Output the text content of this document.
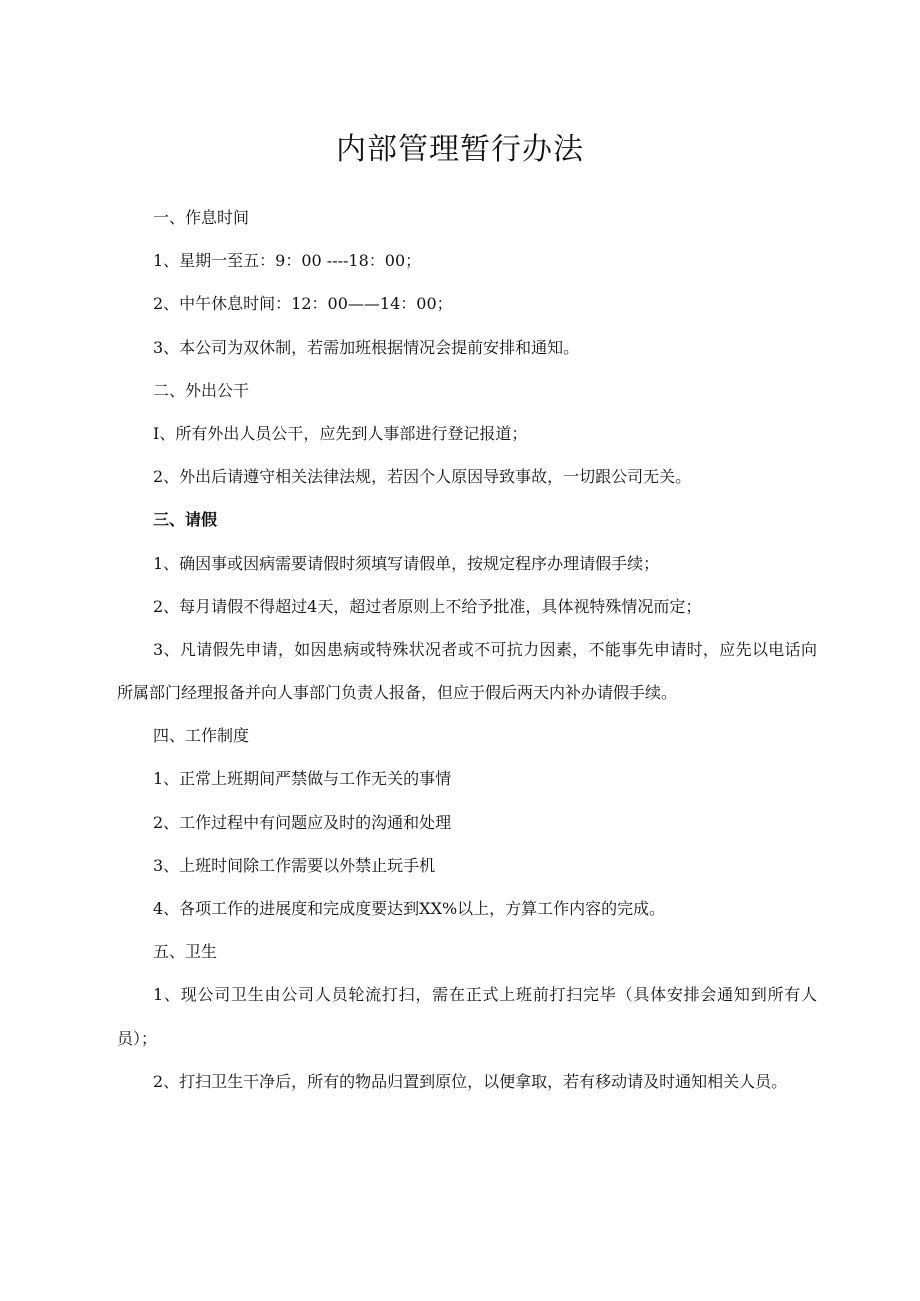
内部管理暂行办法

一、作息时间

1、星期一至五：9：00 ----18：00；

2、中午休息时间：12：00——14：00；

3、本公司为双休制，若需加班根据情况会提前安排和通知。

二、外出公干

I、所有外出人员公干，应先到人事部进行登记报道；

2、外出后请遵守相关法律法规，若因个人原因导致事故，一切跟公司无关。

三、请假

1、确因事或因病需要请假时须填写请假单，按规定程序办理请假手续；

2、每月请假不得超过4天，超过者原则上不给予批准，具体视特殊情况而定；

3、凡请假先申请，如因患病或特殊状况者或不可抗力因素，不能事先申请时，应先以电话向所属部门经理报备并向人事部门负责人报备，但应于假后两天内补办请假手续。

四、工作制度

1、正常上班期间严禁做与工作无关的事情

2、工作过程中有问题应及时的沟通和处理

3、上班时间除工作需要以外禁止玩手机

4、各项工作的进展度和完成度要达到XX%以上，方算工作内容的完成。

五、卫生

1、现公司卫生由公司人员轮流打扫，需在正式上班前打扫完毕（具体安排会通知到所有人员）；

2、打扫卫生干净后，所有的物品归置到原位，以便拿取，若有移动请及时通知相关人员。
